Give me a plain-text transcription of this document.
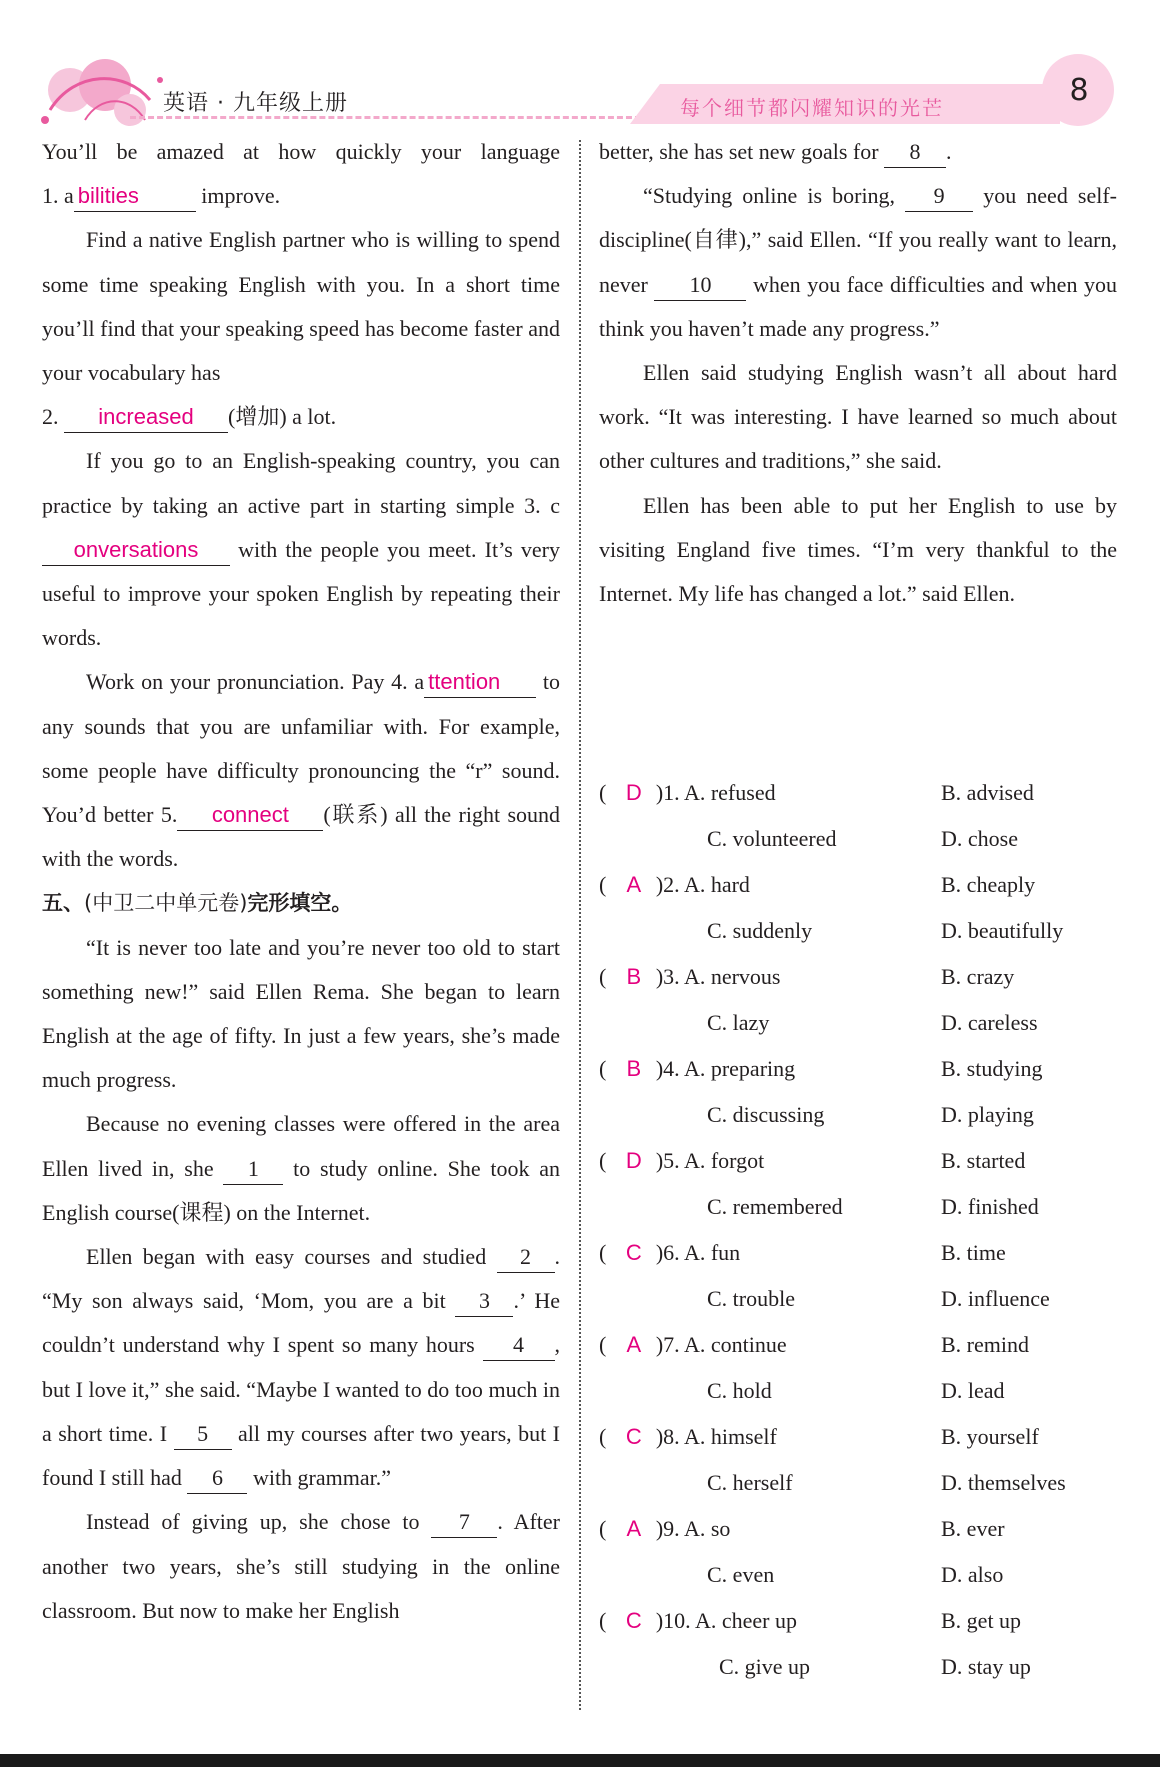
英语 · 九年级上册	每个细节都闪耀知识的光芒	8

You’ll be amazed at how quickly your language

1. a bilities	improve.

Find a native English partner who is willing to spend some time speaking English with you. In a short time you’ll find that your speaking speed has become faster and your vocabulary has

2. increased (增加) a lot.

If you go to an English-speaking country, you can practice by taking an active part in starting simple 3. conversations with the people you meet. It’s very useful to improve your spoken English by repeating their words.

Work on your pronunciation. Pay 4. a ttention to any sounds that you are unfamiliar with. For example, some people have difficulty pronouncing the “r” sound. You’d better 5. connect (联系) all the right sound with the words.

五、(中卫二中单元卷)完形填空。

“It is never too late and you’re never too old to start something new!” said Ellen Rema. She began to learn English at the age of fifty. In just a few years, she’s made much progress.

Because no evening classes were offered in the area Ellen lived in, she 1 to study online. She took an English course(课程) on the Internet.

Ellen began with easy courses and studied 2 . “My son always said, ‘Mom, you are a bit 3 .’ He couldn’t understand why I spent so many hours 4 , but I love it,” she said. “Maybe I wanted to do too much in a short time. I 5 all my courses after two years, but I found I still had 6 with grammar.”

Instead of giving up, she chose to 7 . After another two years, she’s still studying in the online classroom. But now to make her English

better, she has set new goals for 8 .

“Studying online is boring, 9 you need self-discipline(自律),” said Ellen. “If you really want to learn, never 10 when you face difficulties and when you think you haven’t made any progress.”

Ellen said studying English wasn’t all about hard work. “It was interesting. I have learned so much about other cultures and traditions,” she said.

Ellen has been able to put her English to use by visiting England five times. “I’m very thankful to the Internet. My life has changed a lot.” said Ellen.

( D )1. A. refused	B. advised
C. volunteered	D. chose
( A )2. A. hard	B. cheaply
C. suddenly	D. beautifully
( B )3. A. nervous	B. crazy
C. lazy	D. careless
( B )4. A. preparing	B. studying
C. discussing	D. playing
( D )5. A. forgot	B. started
C. remembered	D. finished
( C )6. A. fun	B. time
C. trouble	D. influence
( A )7. A. continue	B. remind
C. hold	D. lead
( C )8. A. himself	B. yourself
C. herself	D. themselves
( A )9. A. so	B. ever
C. even	D. also
( C )10. A. cheer up	B. get up
C. give up	D. stay up
